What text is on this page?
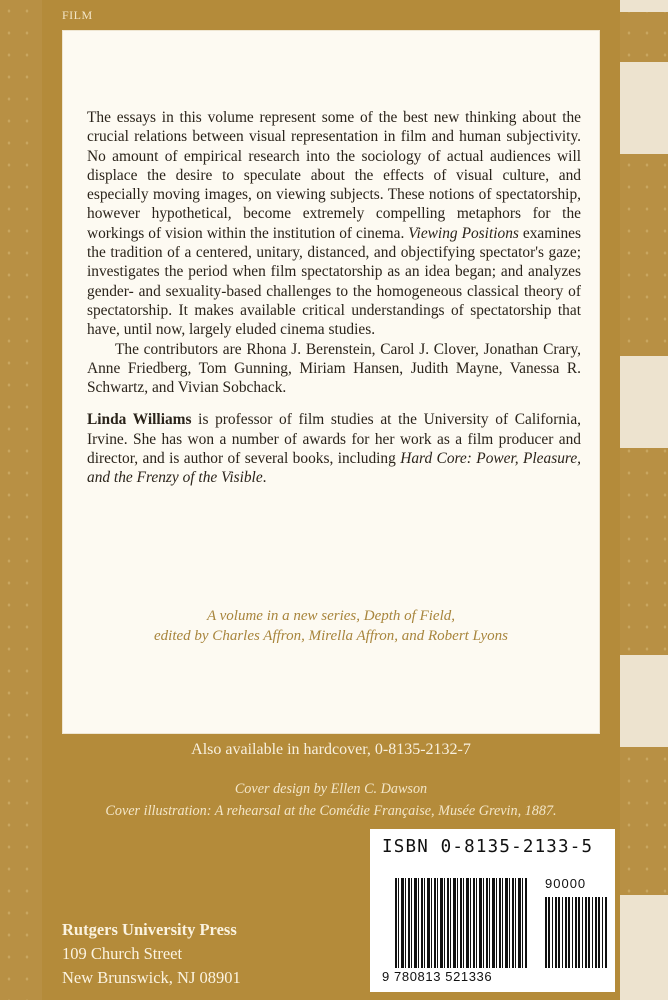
FILM

The essays in this volume represent some of the best new thinking about the crucial relations between visual representation in film and human subjectivity. No amount of empirical research into the sociology of actual audiences will displace the desire to speculate about the effects of visual culture, and especially moving images, on viewing subjects. These notions of spectatorship, however hypothetical, become extremely compelling metaphors for the workings of vision within the institution of cinema. Viewing Positions examines the tradition of a centered, unitary, distanced, and objectifying spectator's gaze; investigates the period when film spectatorship as an idea began; and analyzes gender- and sexuality-based challenges to the homogeneous classical theory of spectatorship. It makes available critical understandings of spectatorship that have, until now, largely eluded cinema studies.

The contributors are Rhona J. Berenstein, Carol J. Clover, Jonathan Crary, Anne Friedberg, Tom Gunning, Miriam Hansen, Judith Mayne, Vanessa R. Schwartz, and Vivian Sobchack.

Linda Williams is professor of film studies at the University of California, Irvine. She has won a number of awards for her work as a film producer and director, and is author of several books, including Hard Core: Power, Pleasure, and the Frenzy of the Visible.

A volume in a new series, Depth of Field,
edited by Charles Affron, Mirella Affron, and Robert Lyons
Also available in hardcover, 0-8135-2132-7
Cover design by Ellen C. Dawson
Cover illustration: A rehearsal at the Comédie Française, Musée Grevin, 1887.
Rutgers University Press
109 Church Street
New Brunswick, NJ 08901
ISBN 0-8135-2133-5
90000
9 780813 521336
